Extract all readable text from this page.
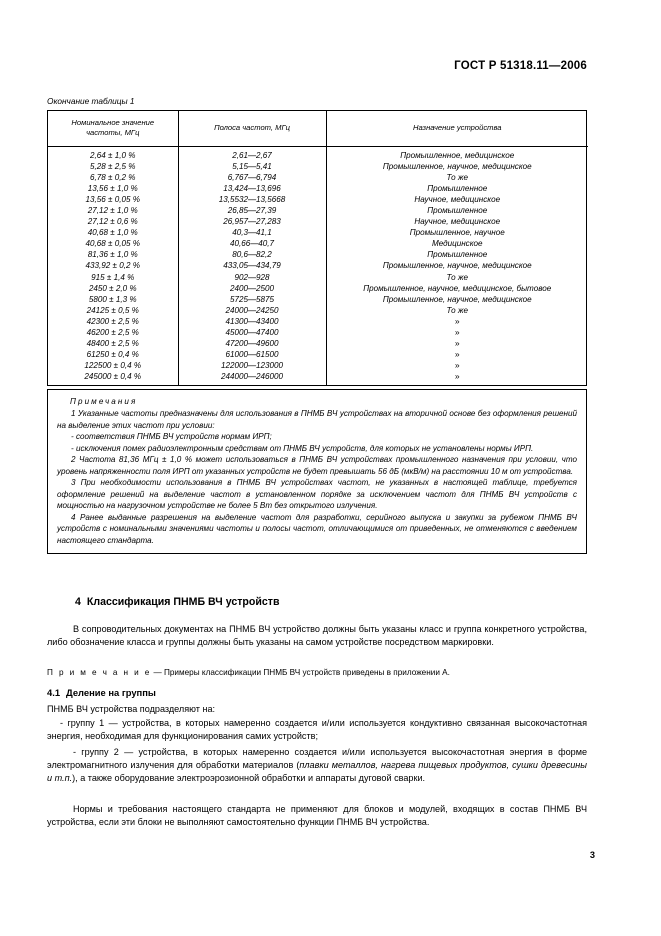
ГОСТ Р 51318.11—2006
Окончание таблицы 1
Номинальное значение
частоты, МГц	Полоса частот, МГц	Назначение устройства
2,64 ± 1,0 %	2,61—2,67	Промышленное, медицинское
5,28 ± 2,5 %	5,15—5,41	Промышленное, научное, медицинское
6,78 ± 0,2 %	6,767—6,794	То же
13,56 ± 1,0 %	13,424—13,696	Промышленное
13,56 ± 0,05 %	13,5532—13,5668	Научное, медицинское
27,12 ± 1,0 %	26,85—27,39	Промышленное
27,12 ± 0,6 %	26,957—27,283	Научное, медицинское
40,68 ± 1,0 %	40,3—41,1	Промышленное, научное
40,68 ± 0,05 %	40,66—40,7	Медицинское
81,36 ± 1,0 %	80,6—82,2	Промышленное
433,92 ± 0,2 %	433,05—434,79	Промышленное, научное, медицинское
915 ± 1,4 %	902—928	То же
2450 ± 2,0 %	2400—2500	Промышленное, научное, медицинское, бытовое
5800 ± 1,3 %	5725—5875	Промышленное, научное, медицинское
24125 ± 0,5 %	24000—24250	То же
42300 ± 2,5 %	41300—43400	»
46200 ± 2,5 %	45000—47400	»
48400 ± 2,5 %	47200—49600	»
61250 ± 0,4 %	61000—61500	»
122500 ± 0,4 %	122000—123000	»
245000 ± 0,4 %	244000—246000	»
Примечания

1 Указанные частоты предназначены для использования в ПНМБ ВЧ устройствах на вторичной основе без оформления решений на выделение этих частот при условии:

- соответствия ПНМБ ВЧ устройств нормам ИРП;

- исключения помех радиоэлектронным средствам от ПНМБ ВЧ устройств, для которых не установлены нормы ИРП.

2 Частота 81,36 МГц ± 1,0 % может использоваться в ПНМБ ВЧ устройствах промышленного назначения при условии, что уровень напряженности поля ИРП от указанных устройств не будет превышать 56 дБ (мкВ/м) на расстоянии 10 м от устройства.

3 При необходимости использования в ПНМБ ВЧ устройствах частот, не указанных в настоящей таблице, требуется оформление решений на выделение частот в установленном порядке за исключением частот для ПНМБ ВЧ устройств с мощностью на нагрузочном устройстве не более 5 Вт без открытого излучения.

4 Ранее выданные разрешения на выделение частот для разработки, серийного выпуска и закупки за рубежом ПНМБ ВЧ устройств с номинальными значениями частоты и полосы частот, отличающимися от приведенных, не отменяются с введением настоящего стандарта.

4 Классификация ПНМБ ВЧ устройств

В сопроводительных документах на ПНМБ ВЧ устройство должны быть указаны класс и группа конкретного устройства, либо обозначение класса и группы должны быть указаны на самом устройстве посредством маркировки.

П р и м е ч а н и е — Примеры классификации ПНМБ ВЧ устройств приведены в приложении А.
4.1 Деление на группы

ПНМБ ВЧ устройства подразделяют на:

- группу 1 — устройства, в которых намеренно создается и/или используется кондуктивно связанная высокочастотная энергия, необходимая для функционирования самих устройств;

- группу 2 — устройства, в которых намеренно создается и/или используется высокочастотная энергия в форме электромагнитного излучения для обработки материалов (плавки металлов, нагрева пищевых продуктов, сушки древесины и т.п.), а также оборудование электроэрозионной обработки и аппараты дуговой сварки.

Нормы и требования настоящего стандарта не применяют для блоков и модулей, входящих в состав ПНМБ ВЧ устройства, если эти блоки не выполняют самостоятельно функции ПНМБ ВЧ устройства.

3
